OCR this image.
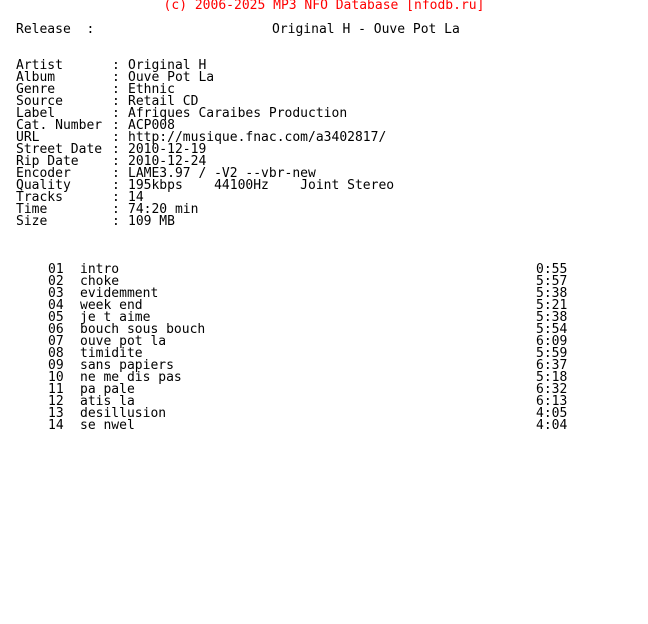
(c) 2006-2025 MP3 NFO Database [nfodb.ru]
Release  :	Original H - Ouve Pot La
Artist	: Original H
Album	: Ouve Pot La
Genre	: Ethnic
Source	: Retail CD
Label	: Afriques Caraibes Production
Cat. Number : ACP008
URL	: http://musique.fnac.com/a3402817/
Street Date : 2010-12-19
Rip Date	: 2010-12-24
Encoder	: LAME3.97 / -V2 --vbr-new
Quality	: 195kbps    44100Hz    Joint Stereo
Tracks	: 14
Time	: 74:20 min
Size	: 109 MB
01 intro	0:55
02 choke	5:57
03 evidemment	5:38
04 week end	5:21
05 je t aime	5:38
06 bouch sous bouch	5:54
07 ouve pot la	6:09
08 timidite	5:59
09 sans papiers	6:37
10 ne me dis pas	5:18
11 pa pale	6:32
12 atis la	6:13
13 desillusion	4:05
14 se nwel	4:04
